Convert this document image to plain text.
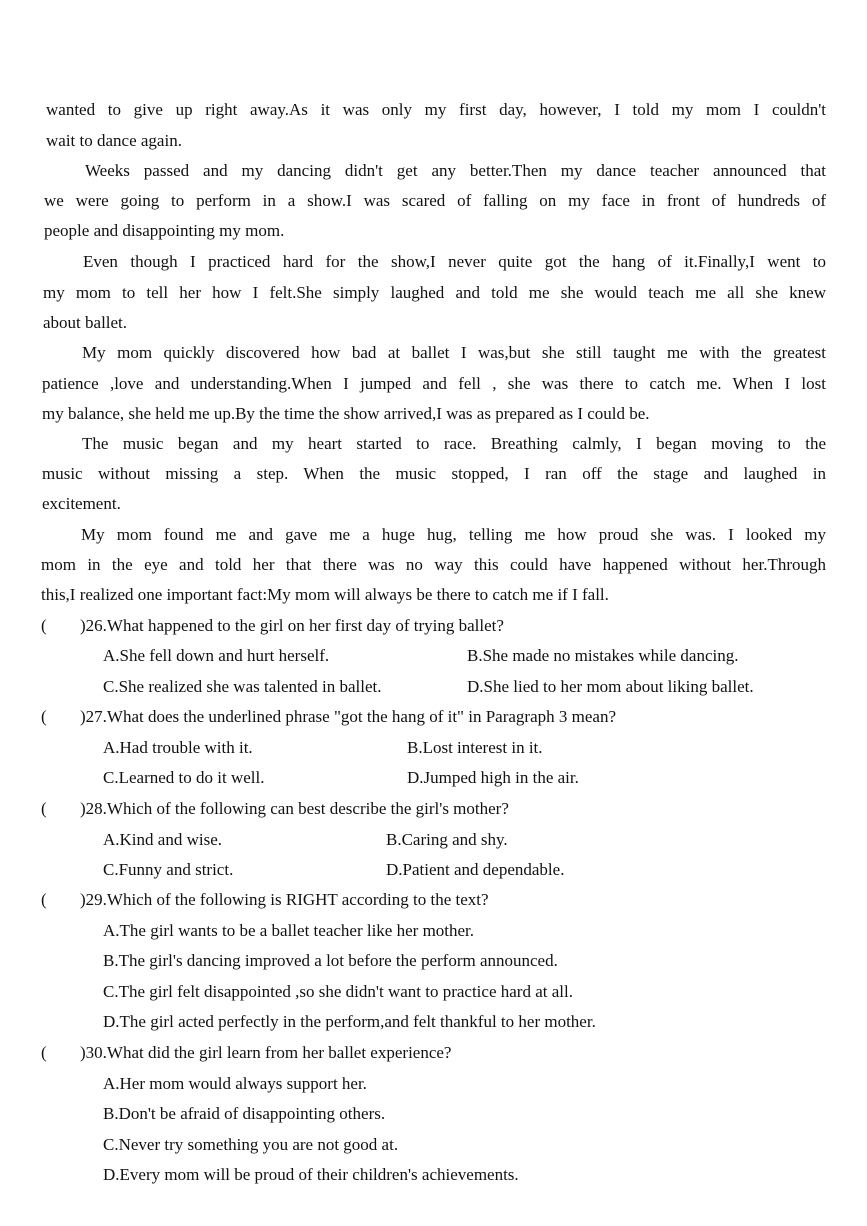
wanted to give up right away.As it was only my first day, however, I told my mom I couldn't
wait to dance again.
Weeks passed and my dancing didn't get any better.Then my dance teacher announced that
we were going to perform in a show.I was scared of falling on my face in front of hundreds of
people and disappointing my mom.
Even though I practiced hard for the show,I never quite got the hang of it.Finally,I went to
my mom to tell her how I felt.She simply laughed and told me she would teach me all she knew
about ballet.
My mom quickly discovered how bad at ballet I was,but she still taught me with the greatest
patience ,love and understanding.When I jumped and fell , she was there to catch me. When I lost
my balance, she held me up.By the time the show arrived,I was as prepared as I could be.
The music began and my heart started to race. Breathing calmly, I began moving to the
music without missing a step. When the music stopped, I ran off the stage and laughed in
excitement.
My mom found me and gave me a huge hug, telling me how proud she was. I looked my
mom in the eye and told her that there was no way this could have happened without her.Through
this,I realized one important fact:My mom will always be there to catch me if I fall.
( )26.What happened to the girl on her first day of trying ballet?
A.She fell down and hurt herself.	B.She made no mistakes while dancing.
C.She realized she was talented in ballet.	D.She lied to her mom about liking ballet.
( )27.What does the underlined phrase "got the hang of it" in Paragraph 3 mean?
A.Had trouble with it.	B.Lost interest in it.
C.Learned to do it well.	D.Jumped high in the air.
( )28.Which of the following can best describe the girl's mother?
A.Kind and wise.	B.Caring and shy.
C.Funny and strict.	D.Patient and dependable.
( )29.Which of the following is RIGHT according to the text?
A.The girl wants to be a ballet teacher like her mother.
B.The girl's dancing improved a lot before the perform announced.
C.The girl felt disappointed ,so she didn't want to practice hard at all.
D.The girl acted perfectly in the perform,and felt thankful to her mother.
( )30.What did the girl learn from her ballet experience?
A.Her mom would always support her.
B.Don't be afraid of disappointing others.
C.Never try something you are not good at.
D.Every mom will be proud of their children's achievements.
